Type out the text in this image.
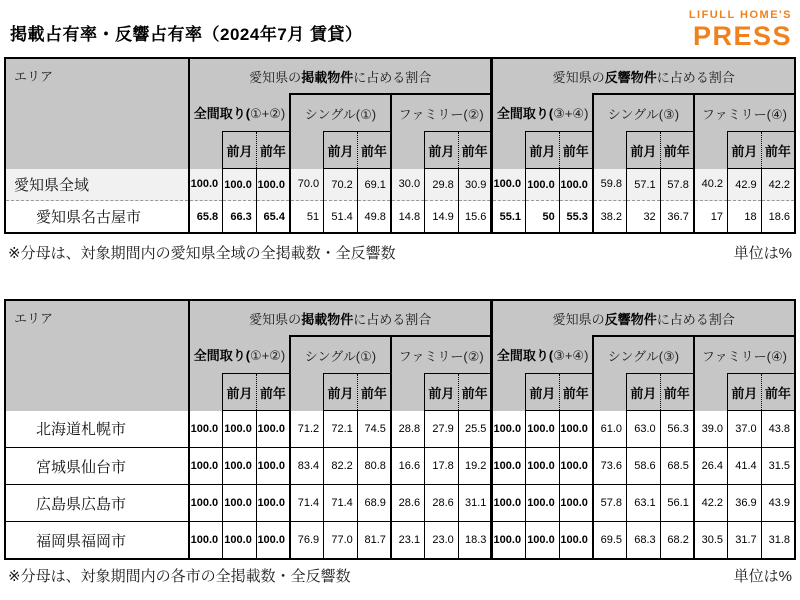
掲載占有率・反響占有率（2024年7月 賃貸）
LIFULL HOME'S
PRESS
エリア	愛知県の掲載物件に占める割合									愛知県の反響物件に占める割合								
	全間取り(①+②)			シングル(①)			ファミリー(②)			全間取り(③+④)			シングル(③)			ファミリー(④)		
		前月	前年		前月	前年		前月	前年		前月	前年		前月	前年		前月	前年
愛知県全域	100.0	100.0	100.0	70.0	70.2	69.1	30.0	29.8	30.9	100.0	100.0	100.0	59.8	57.1	57.8	40.2	42.9	42.2
愛知県名古屋市	65.8	66.3	65.4	51	51.4	49.8	14.8	14.9	15.6	55.1	50	55.3	38.2	32	36.7	17	18	18.6
※分母は、対象期間内の愛知県全域の全掲載数・全反響数	単位は%
エリア	愛知県の掲載物件に占める割合									愛知県の反響物件に占める割合								
	全間取り(①+②)			シングル(①)			ファミリー(②)			全間取り(③+④)			シングル(③)			ファミリー(④)		
		前月	前年		前月	前年		前月	前年		前月	前年		前月	前年		前月	前年
北海道札幌市	100.0	100.0	100.0	71.2	72.1	74.5	28.8	27.9	25.5	100.0	100.0	100.0	61.0	63.0	56.3	39.0	37.0	43.8
宮城県仙台市	100.0	100.0	100.0	83.4	82.2	80.8	16.6	17.8	19.2	100.0	100.0	100.0	73.6	58.6	68.5	26.4	41.4	31.5
広島県広島市	100.0	100.0	100.0	71.4	71.4	68.9	28.6	28.6	31.1	100.0	100.0	100.0	57.8	63.1	56.1	42.2	36.9	43.9
福岡県福岡市	100.0	100.0	100.0	76.9	77.0	81.7	23.1	23.0	18.3	100.0	100.0	100.0	69.5	68.3	68.2	30.5	31.7	31.8
※分母は、対象期間内の各市の全掲載数・全反響数	単位は%
